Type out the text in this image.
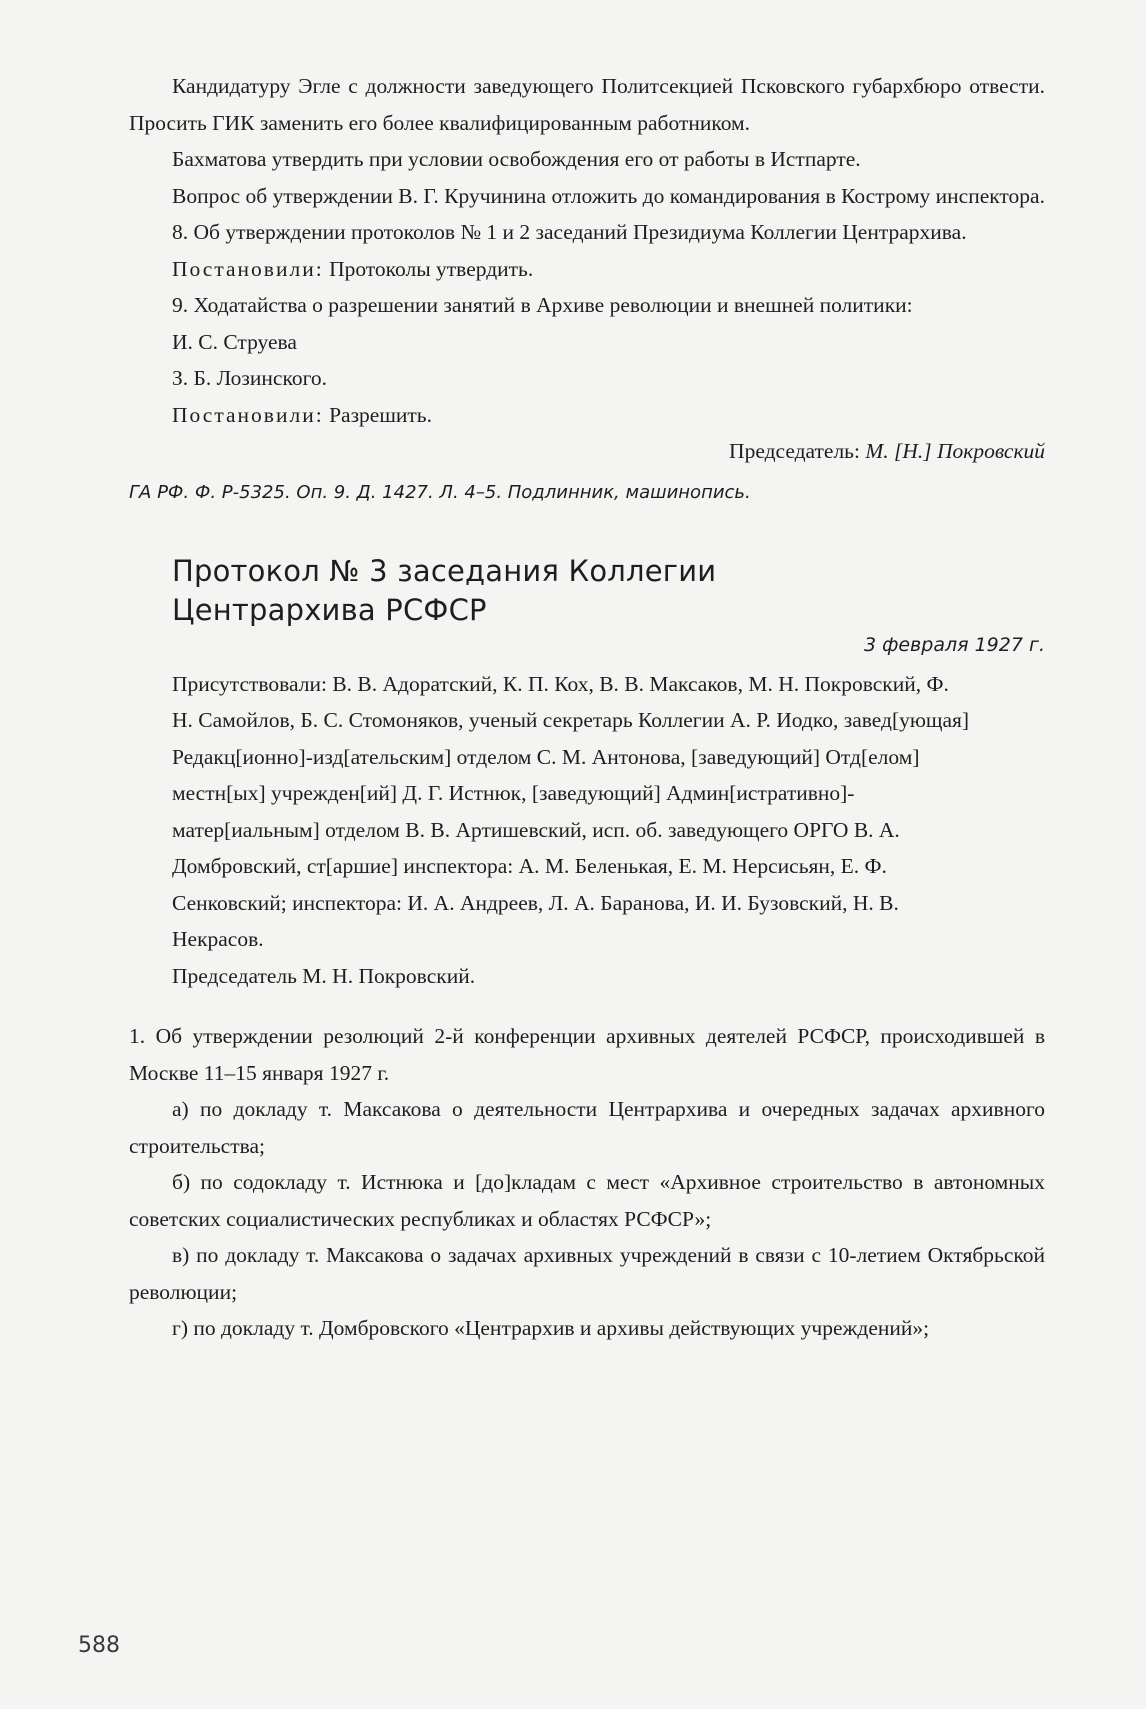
Кандидатуру Эгле с должности заведующего Политсекцией Псковского губархбюро отвести. Просить ГИК заменить его более квалифицированным работником.

Бахматова утвердить при условии освобождения его от работы в Истпарте.

Вопрос об утверждении В. Г. Кручинина отложить до командирования в Кострому инспектора.

8. Об утверждении протоколов № 1 и 2 заседаний Президиума Коллегии Центрархива.

Постановили: Протоколы утвердить.

9. Ходатайства о разрешении занятий в Архиве революции и внешней политики:

И. С. Струева

З. Б. Лозинского.

Постановили: Разрешить.

Председатель: М. [Н.] Покровский

ГА РФ. Ф. Р-5325. Оп. 9. Д. 1427. Л. 4–5. Подлинник, машинопись.

Протокол № 3 заседания Коллегии
Центрархива РСФСР
3 февраля 1927 г.

Присутствовали: В. В. Адоратский, К. П. Кох, В. В. Максаков, М. Н. Покровский, Ф. Н. Самойлов, Б. С. Стомоняков, ученый секретарь Коллегии А. Р. Иодко, завед[ующая] Редакц[ионно]-изд[ательским] отделом С. М. Антонова, [заведующий] Отд[елом] местн[ых] учрежден[ий] Д. Г. Истнюк, [заведующий] Админ[истративно]-матер[иальным] отделом В. В. Артишевский, исп. об. заведующего ОРГО В. А. Домбровский, ст[аршие] инспектора: А. М. Беленькая, Е. М. Нерсисьян, Е. Ф. Сенковский; инспектора: И. А. Андреев, Л. А. Баранова, И. И. Бузовский, Н. В. Некрасов.

Председатель М. Н. Покровский.

1. Об утверждении резолюций 2-й конференции архивных деятелей РСФСР, происходившей в Москве 11–15 января 1927 г.

а) по докладу т. Максакова о деятельности Центрархива и очередных задачах архивного строительства;

б) по содокладу т. Истнюка и [до]кладам с мест «Архивное строительство в автономных советских социалистических республиках и областях РСФСР»;

в) по докладу т. Максакова о задачах архивных учреждений в связи с 10-летием Октябрьской революции;

г) по докладу т. Домбровского «Центрархив и архивы действующих учреждений»;

588
